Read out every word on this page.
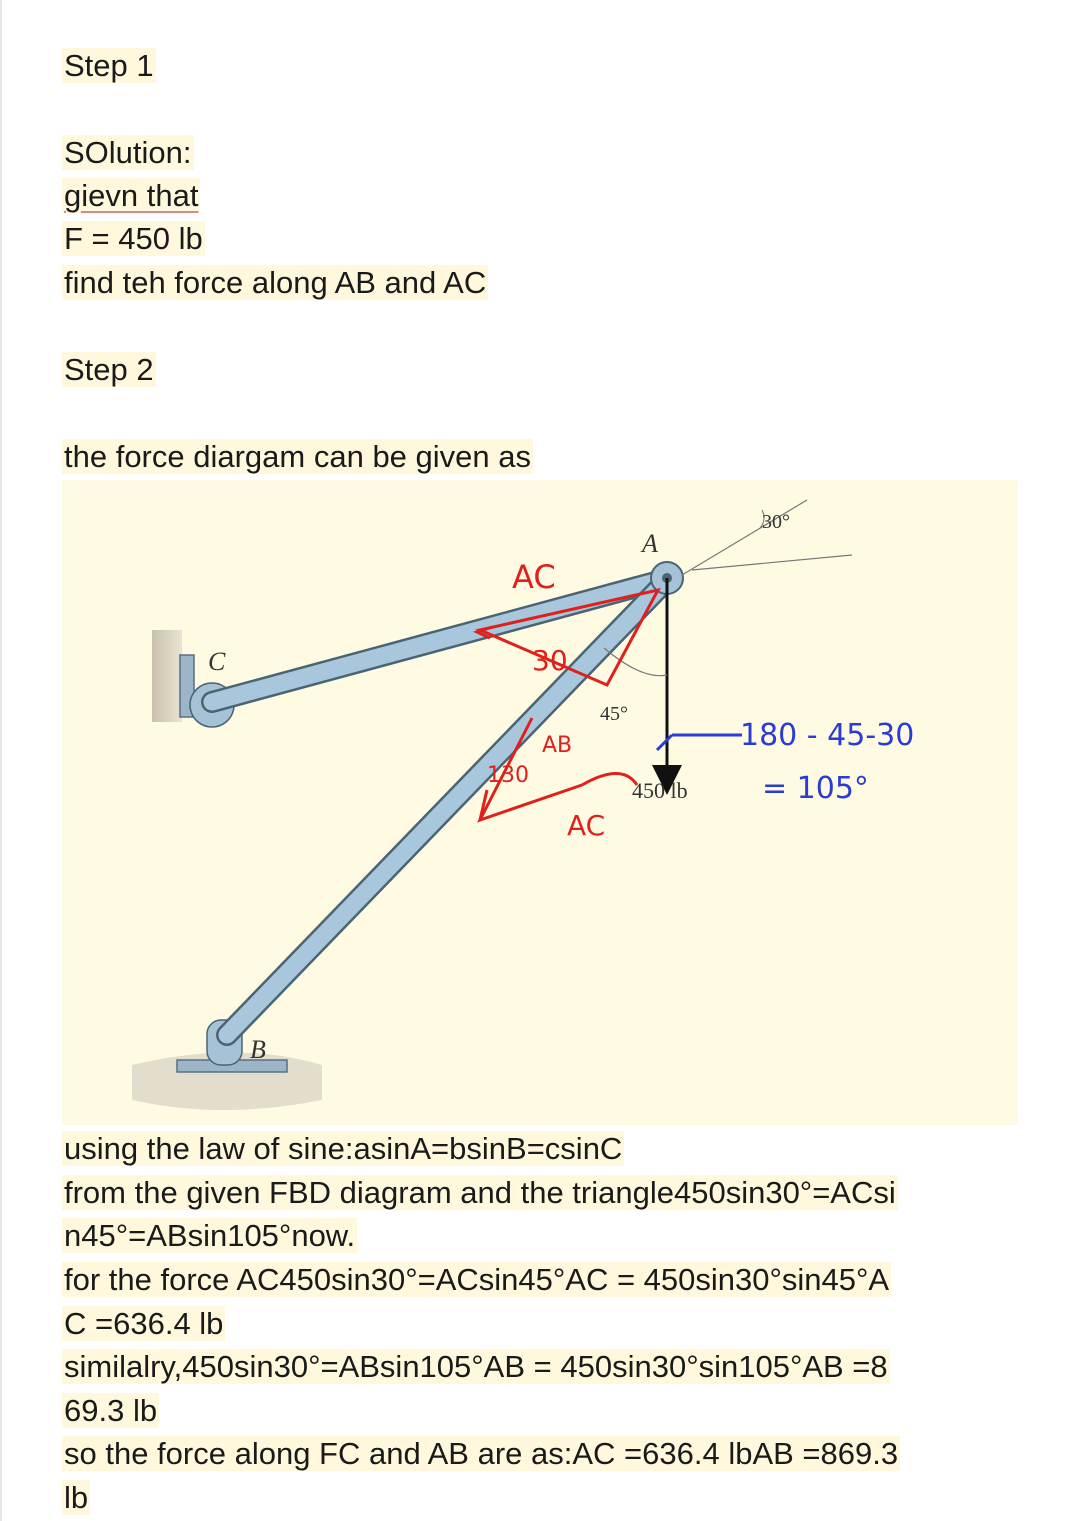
Step 1
SOlution:
gievn that
F = 450 lb
find teh force along AB and AC
Step 2
the force diargam can be given as
A
C
B
30°
45°
450 lb
AC
30
AB
130
AC
180 - 45-30
= 105°
using the law of sine:asinA=bsinB=csinC
from the given FBD diagram and the triangle450sin30°=ACsi
n45°=ABsin105°now.
for the force AC450sin30°=ACsin45°AC = 450sin30°sin45°A
C =636.4 lb
similalry,450sin30°=ABsin105°AB = 450sin30°sin105°AB =8
69.3 lb
so the force along FC and AB are as:AC =636.4 lbAB =869.3
lb
